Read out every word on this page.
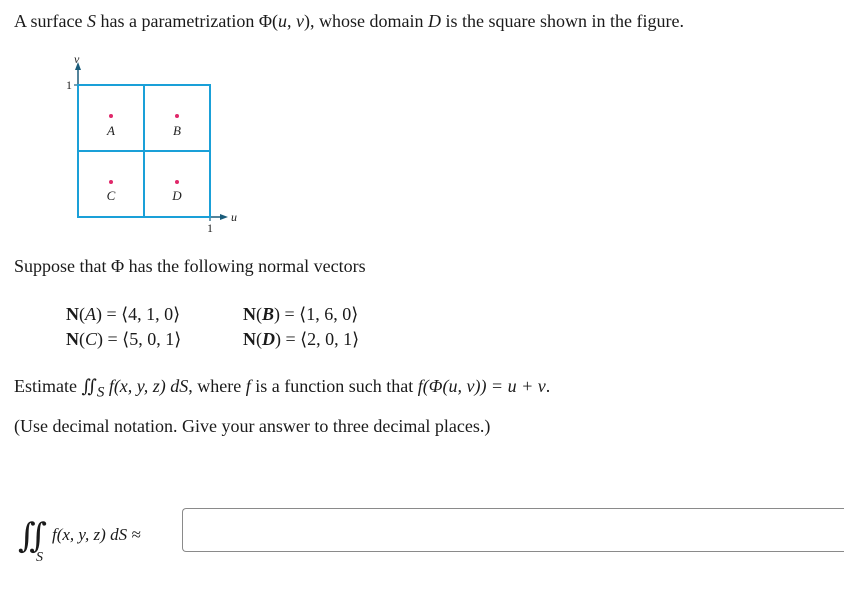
A surface S has a parametrization Φ(u, v), whose domain D is the square shown in the figure.
v
u
1
1
A	B
C	D
Suppose that Φ has the following normal vectors
N(A) = ⟨4, 1, 0⟩	N(B) = ⟨1, 6, 0⟩
N(C) = ⟨5, 0, 1⟩	N(D) = ⟨2, 0, 1⟩
Estimate $∬_S$ f(x, y, z) dS, where f is a function such that f(Φ(u, v)) = u + v.
(Use decimal notation. Give your answer to three decimal places.)
∬
S
f(x, y, z) dS ≈
